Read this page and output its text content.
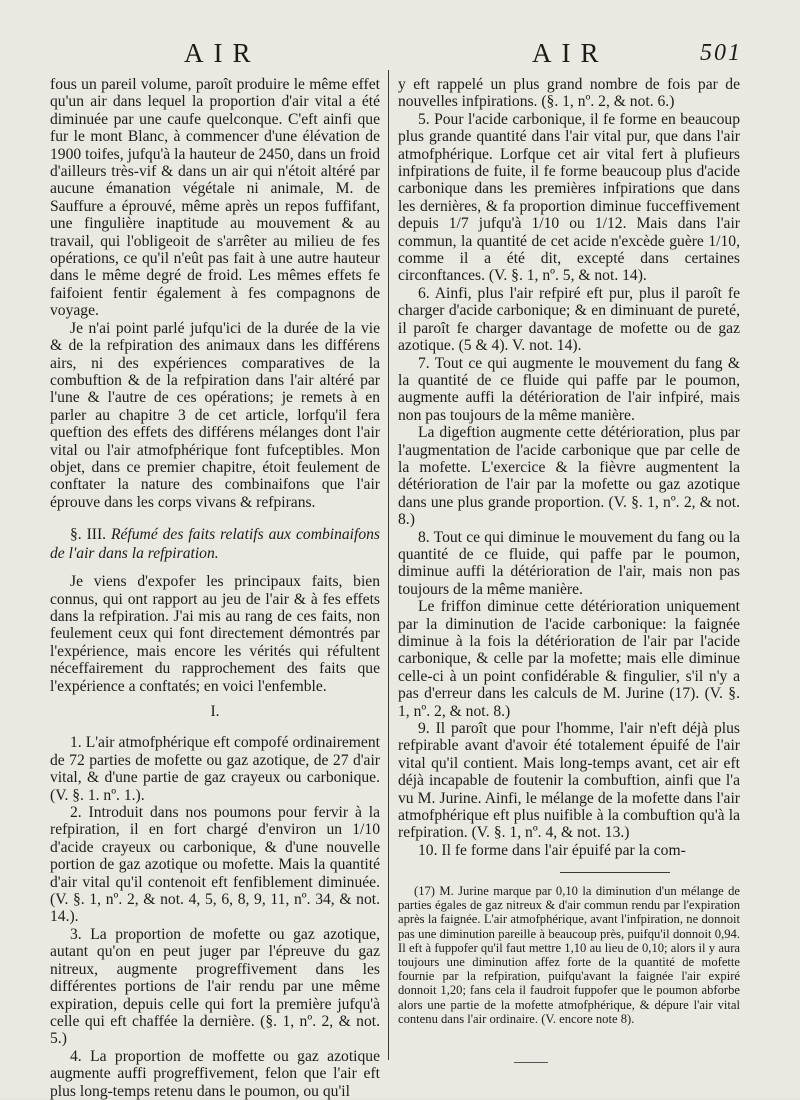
AIR	AIR	501

fous un pareil volume, paroît produire le même effet qu'un air dans lequel la proportion d'air vital a été diminuée par une caufe quelconque. C'eft ainfi que fur le mont Blanc, à commencer d'une élévation de 1900 toifes, jufqu'à la hauteur de 2450, dans un froid d'ailleurs très-vif & dans un air qui n'étoit altéré par aucune émanation végétale ni animale, M. de Sauffure a éprouvé, même après un repos fuffifant, une fingulière inaptitude au mouvement & au travail, qui l'obligeoit de s'arrêter au milieu de fes opérations, ce qu'il n'eût pas fait à une autre hauteur dans le même degré de froid. Les mêmes effets fe faifoient fentir également à fes compagnons de voyage.

Je n'ai point parlé jufqu'ici de la durée de la vie & de la refpiration des animaux dans les différens airs, ni des expériences comparatives de la combuftion & de la refpiration dans l'air altéré par l'une & l'autre de ces opérations; je remets à en parler au chapitre 3 de cet article, lorfqu'il fera queftion des effets des différens mélanges dont l'air vital ou l'air atmofphérique font fufceptibles. Mon objet, dans ce premier chapitre, étoit feulement de conftater la nature des combinaifons que l'air éprouve dans les corps vivans & refpirans.

§. III. Réfumé des faits relatifs aux combinaifons de l'air dans la refpiration.

Je viens d'expofer les principaux faits, bien connus, qui ont rapport au jeu de l'air & à fes effets dans la refpiration. J'ai mis au rang de ces faits, non feulement ceux qui font directement démontrés par l'expérience, mais encore les vérités qui réfultent néceffairement du rapprochement des faits que l'expérience a conftatés; en voici l'enfemble.

I.

1. L'air atmofphérique eft compofé ordinairement de 72 parties de mofette ou gaz azotique, de 27 d'air vital, & d'une partie de gaz crayeux ou carbonique. (V. §. 1. nº. 1.).

2. Introduit dans nos poumons pour fervir à la refpiration, il en fort chargé d'environ un 1/10 d'acide crayeux ou carbonique, & d'une nouvelle portion de gaz azotique ou mofette. Mais la quantité d'air vital qu'il contenoit eft fenfiblement diminuée. (V. §. 1, nº. 2, & not. 4, 5, 6, 8, 9, 11, nº. 34, & not. 14.).

3. La proportion de mofette ou gaz azotique, autant qu'on en peut juger par l'épreuve du gaz nitreux, augmente progreffivement dans les différentes portions de l'air rendu par une même expiration, depuis celle qui fort la première jufqu'à celle qui eft chaffée la dernière. (§. 1, nº. 2, & not. 5.)

4. La proportion de moffette ou gaz azotique augmente auffi progreffivement, felon que l'air eft plus long-temps retenu dans le poumon, ou qu'il

y eft rappelé un plus grand nombre de fois par de nouvelles infpirations. (§. 1, nº. 2, & not. 6.)

5. Pour l'acide carbonique, il fe forme en beaucoup plus grande quantité dans l'air vital pur, que dans l'air atmofphérique. Lorfque cet air vital fert à plufieurs infpirations de fuite, il fe forme beaucoup plus d'acide carbonique dans les premières infpirations que dans les dernières, & fa proportion diminue fucceffivement depuis 1/7 jufqu'à 1/10 ou 1/12. Mais dans l'air commun, la quantité de cet acide n'excède guère 1/10, comme il a été dit, excepté dans certaines circonftances. (V. §. 1, nº. 5, & not. 14).

6. Ainfi, plus l'air refpiré eft pur, plus il paroît fe charger d'acide carbonique; & en diminuant de pureté, il paroît fe charger davantage de mofette ou de gaz azotique. (5 & 4). V. not. 14).

7. Tout ce qui augmente le mouvement du fang & la quantité de ce fluide qui paffe par le poumon, augmente auffi la détérioration de l'air infpiré, mais non pas toujours de la même manière.

La digeftion augmente cette détérioration, plus par l'augmentation de l'acide carbonique que par celle de la mofette. L'exercice & la fièvre augmentent la détérioration de l'air par la mofette ou gaz azotique dans une plus grande proportion. (V. §. 1, nº. 2, & not. 8.)

8. Tout ce qui diminue le mouvement du fang ou la quantité de ce fluide, qui paffe par le poumon, diminue auffi la détérioration de l'air, mais non pas toujours de la même manière.

Le friffon diminue cette détérioration uniquement par la diminution de l'acide carbonique: la faignée diminue à la fois la détérioration de l'air par l'acide carbonique, & celle par la mofette; mais elle diminue celle-ci à un point confidérable & fingulier, s'il n'y a pas d'erreur dans les calculs de M. Jurine (17). (V. §. 1, nº. 2, & not. 8.)

9. Il paroît que pour l'homme, l'air n'eft déjà plus refpirable avant d'avoir été totalement épuifé de l'air vital qu'il contient. Mais long-temps avant, cet air eft déjà incapable de foutenir la combuftion, ainfi que l'a vu M. Jurine. Ainfi, le mélange de la mofette dans l'air atmofphérique eft plus nuifible à la combuftion qu'à la refpiration. (V. §. 1, nº. 4, & not. 13.)

10. Il fe forme dans l'air épuifé par la com-

(17) M. Jurine marque par 0,10 la diminution d'un mélange de parties égales de gaz nitreux & d'air commun rendu par l'expiration après la faignée. L'air atmofphérique, avant l'infpiration, ne donnoit pas une diminution pareille à beaucoup près, puifqu'il donnoit 0,94. Il eft à fuppofer qu'il faut mettre 1,10 au lieu de 0,10; alors il y aura toujours une diminution affez forte de la quantité de mofette fournie par la refpiration, puifqu'avant la faignée l'air expiré donnoit 1,20; fans cela il faudroit fuppofer que le poumon abforbe alors une partie de la mofette atmofphérique, & dépure l'air vital contenu dans l'air ordinaire. (V. encore note 8).
